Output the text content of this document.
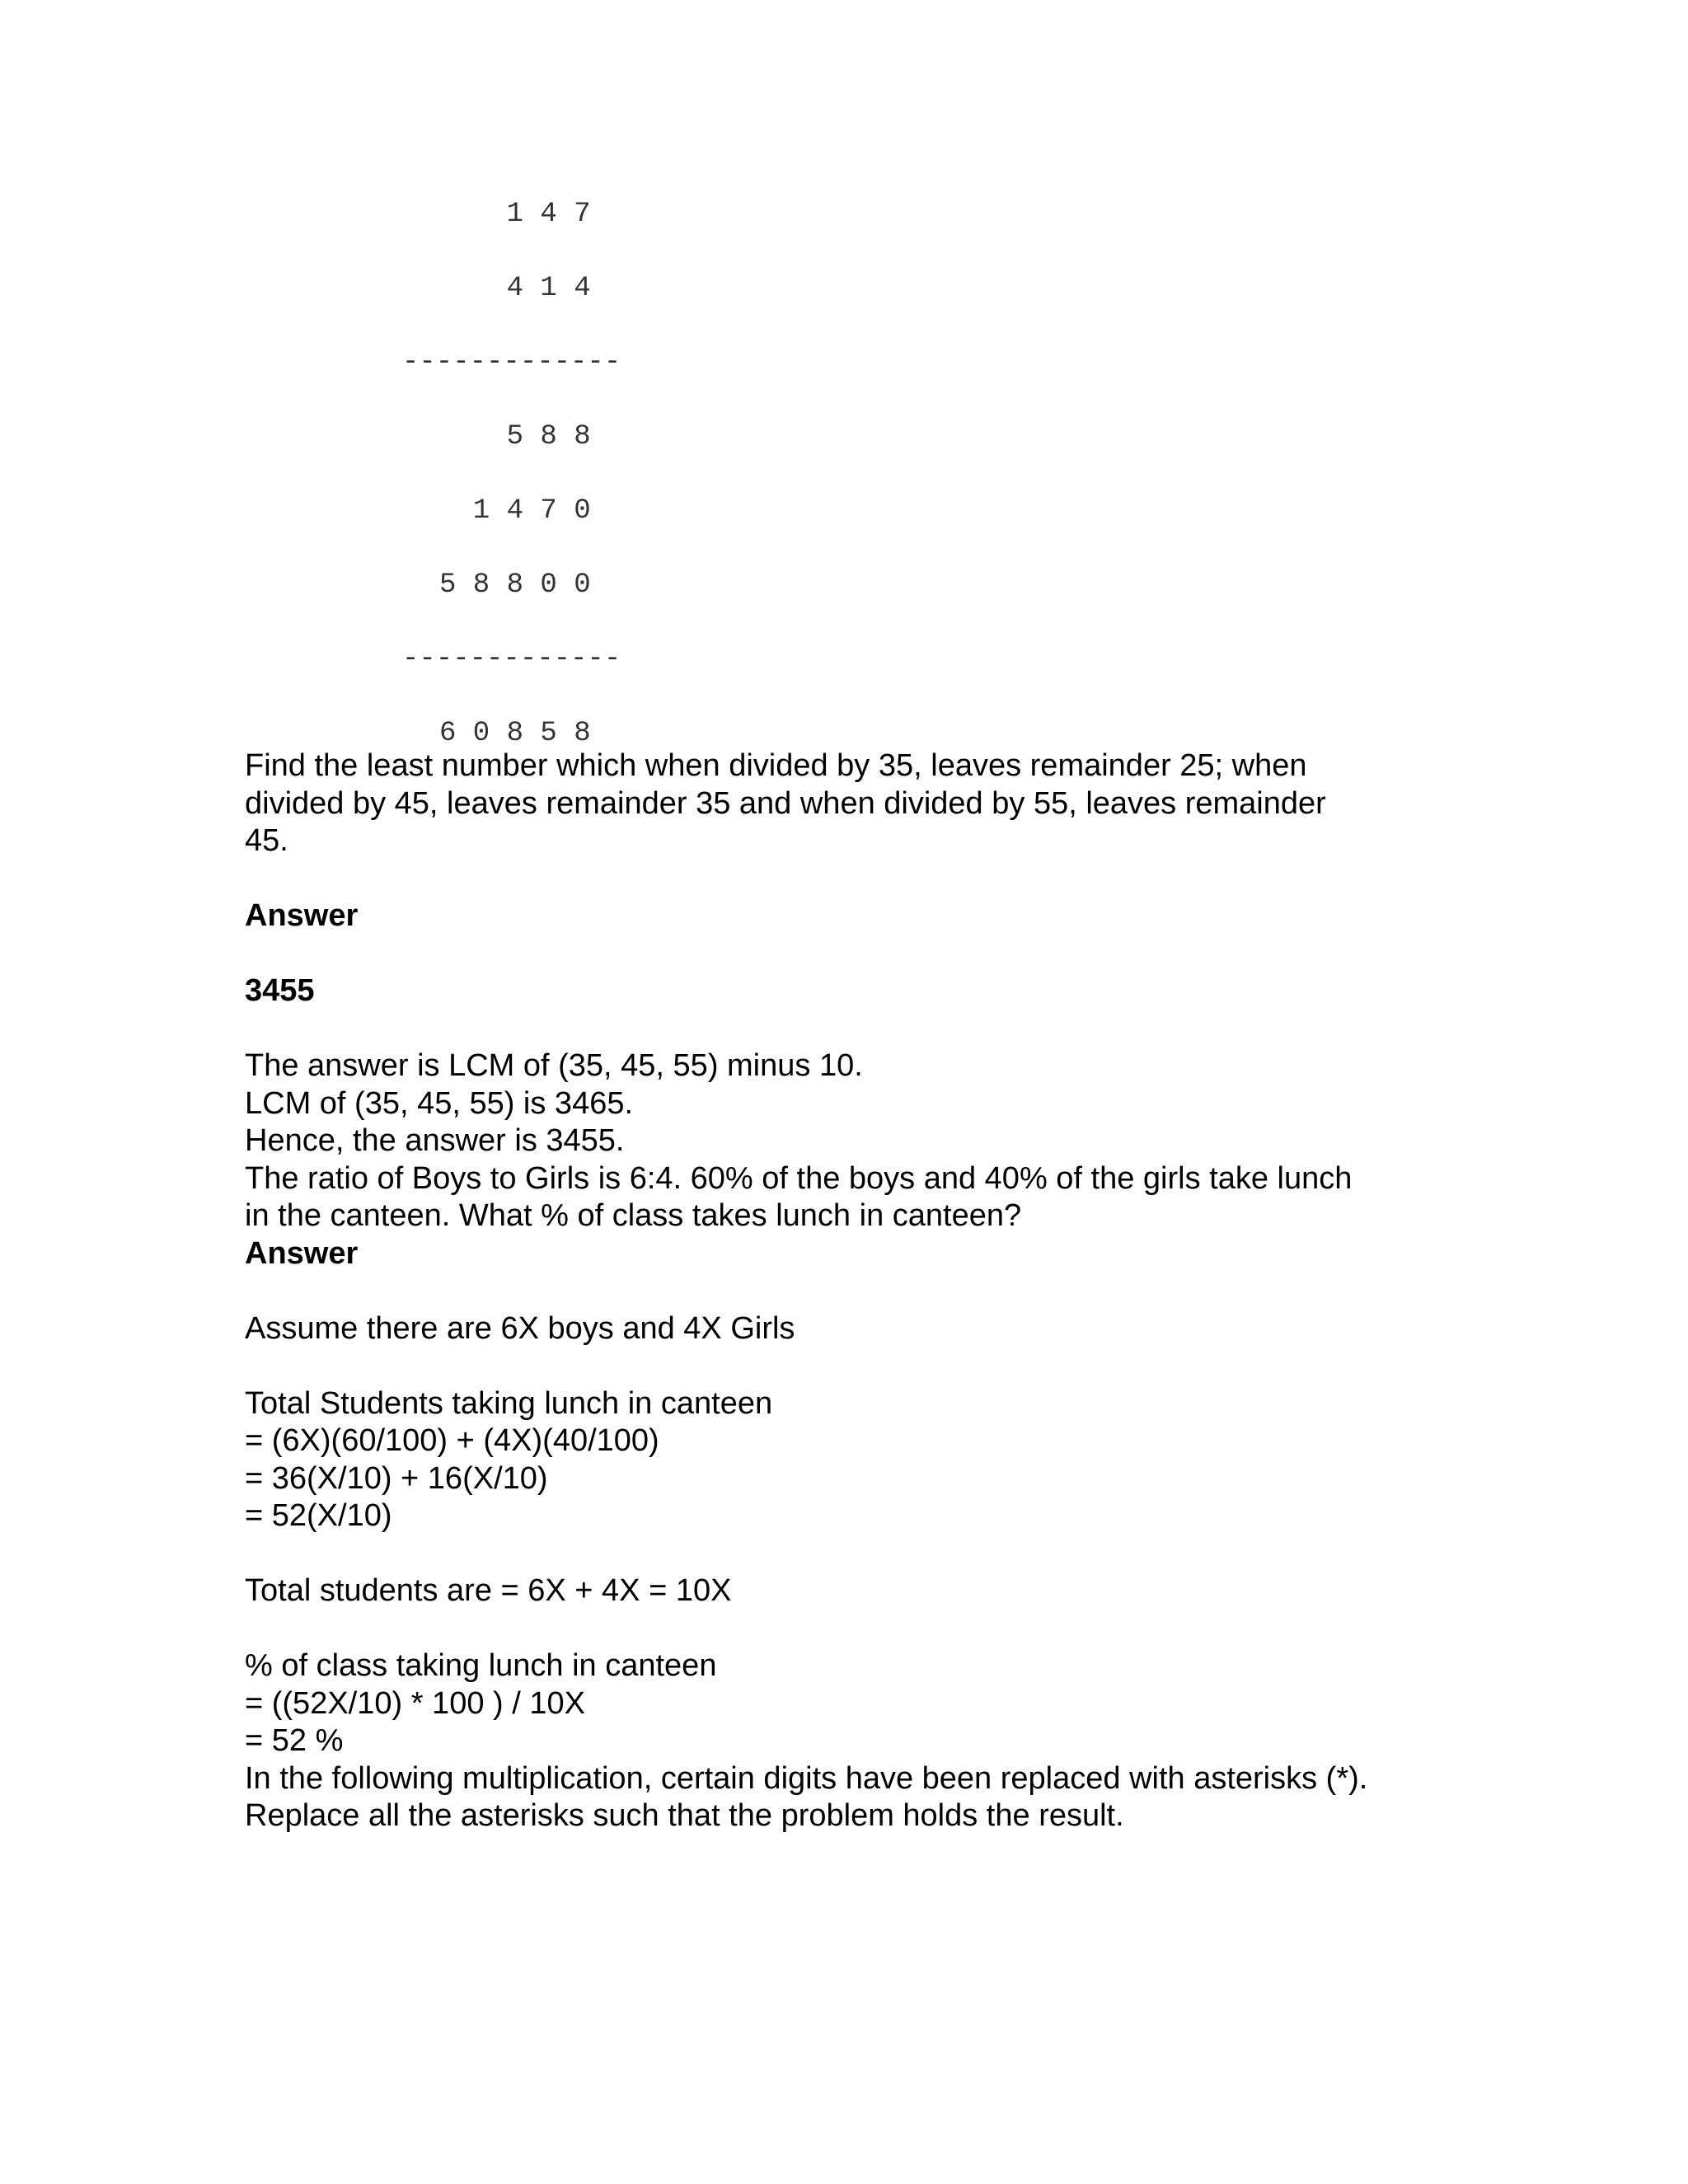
1 4 7

4 1 4

-------------

5 8 8

1 4 7 0

5 8 8 0 0

-------------

6 0 8 5 8

Find the least number which when divided by 35, leaves remainder 25; when
divided by 45, leaves remainder 35 and when divided by 55, leaves remainder
45.
Answer
3455
The answer is LCM of (35, 45, 55) minus 10.
LCM of (35, 45, 55) is 3465.
Hence, the answer is 3455.
The ratio of Boys to Girls is 6:4. 60% of the boys and 40% of the girls take lunch
in the canteen. What % of class takes lunch in canteen?
Answer
Assume there are 6X boys and 4X Girls
Total Students taking lunch in canteen
= (6X)(60/100) + (4X)(40/100)
= 36(X/10) + 16(X/10)
= 52(X/10)
Total students are = 6X + 4X = 10X
% of class taking lunch in canteen
= ((52X/10) * 100 ) / 10X
= 52 %
In the following multiplication, certain digits have been replaced with asterisks (*).
Replace all the asterisks such that the problem holds the result.
